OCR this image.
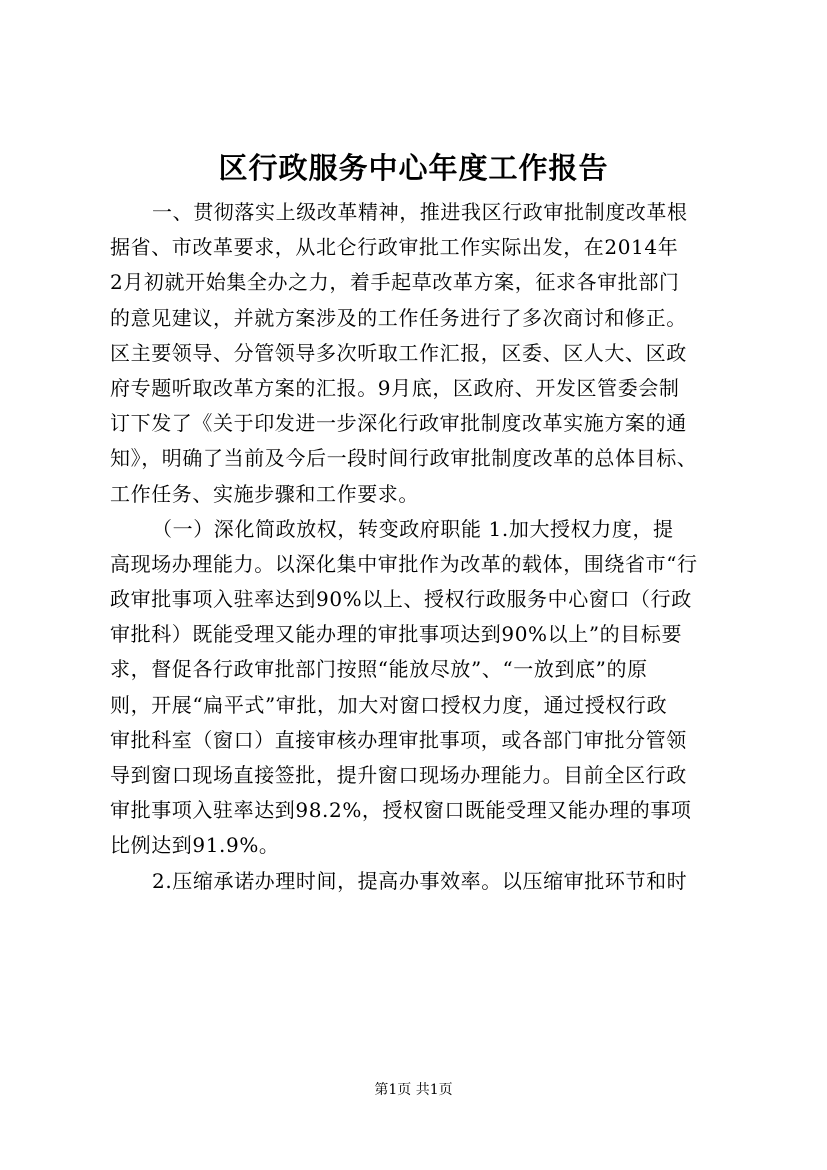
区行政服务中心年度工作报告
一、贯彻落实上级改革精神，推进我区行政审批制度改革根
据省、市改革要求，从北仑行政审批工作实际出发，在2014年
2月初就开始集全办之力，着手起草改革方案，征求各审批部门
的意见建议，并就方案涉及的工作任务进行了多次商讨和修正。
区主要领导、分管领导多次听取工作汇报，区委、区人大、区政
府专题听取改革方案的汇报。9月底，区政府、开发区管委会制
订下发了《关于印发进一步深化行政审批制度改革实施方案的通
知》，明确了当前及今后一段时间行政审批制度改革的总体目标、
工作任务、实施步骤和工作要求。
（一）深化简政放权，转变政府职能 1.加大授权力度，提
高现场办理能力。以深化集中审批作为改革的载体，围绕省市“行
政审批事项入驻率达到90%以上、授权行政服务中心窗口（行政
审批科）既能受理又能办理的审批事项达到90%以上”的目标要
求，督促各行政审批部门按照“能放尽放”、“一放到底”的原
则，开展“扁平式”审批，加大对窗口授权力度，通过授权行政
审批科室（窗口）直接审核办理审批事项，或各部门审批分管领
导到窗口现场直接签批，提升窗口现场办理能力。目前全区行政
审批事项入驻率达到98.2%，授权窗口既能受理又能办理的事项
比例达到91.9%。
2.压缩承诺办理时间，提高办事效率。以压缩审批环节和时
第1页 共1页
